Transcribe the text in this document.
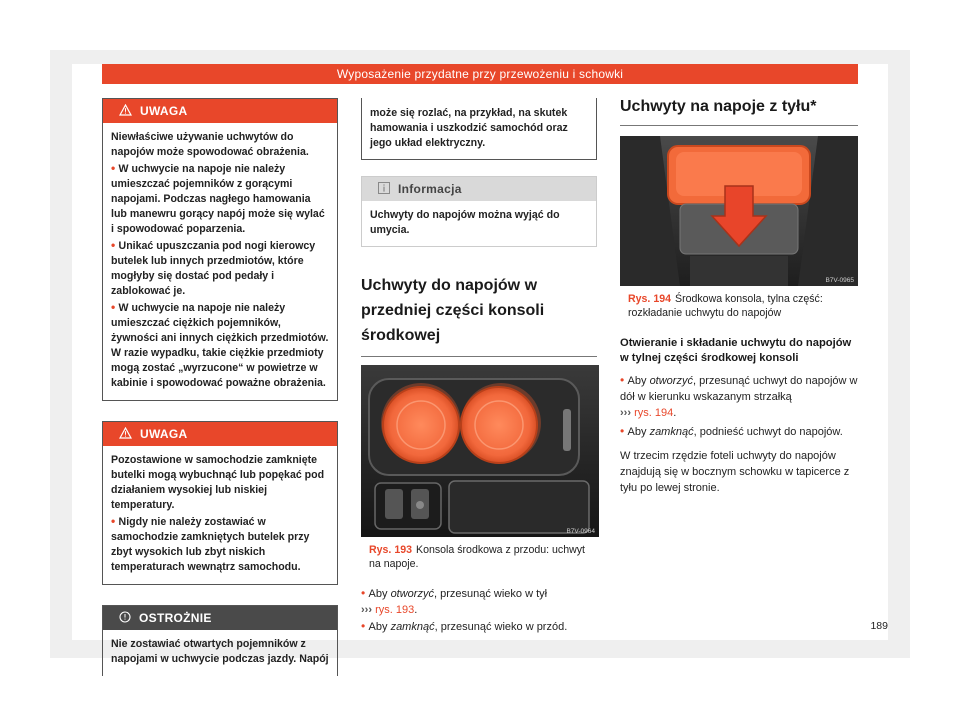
Wyposażenie przydatne przy przewożeniu i schowki
UWAGA

Niewłaściwe używanie uchwytów do napojów może spowodować obrażenia.

• W uchwycie na napoje nie należy umieszczać pojemników z gorącymi napojami. Podczas nagłego hamowania lub manewru gorący napój może się wylać i spowodować poparzenia.

• Unikać upuszczania pod nogi kierowcy butelek lub innych przedmiotów, które mogłyby się dostać pod pedały i zablokować je.

• W uchwycie na napoje nie należy umieszczać ciężkich pojemników, żywności ani innych ciężkich przedmiotów. W razie wypadku, takie ciężkie przedmioty mogą zostać „wyrzucone“ w powietrze w kabinie i spowodować poważne obrażenia.

UWAGA

Pozostawione w samochodzie zamknięte butelki mogą wybuchnąć lub popękać pod działaniem wysokiej lub niskiej temperatury.

• Nigdy nie należy zostawiać w samochodzie zamkniętych butelek przy zbyt wysokich lub zbyt niskich temperaturach wewnątrz samochodu.

OSTROŻNIE

Nie zostawiać otwartych pojemników z napojami w uchwycie podczas jazdy. Napój

może się rozlać, na przykład, na skutek hamowania i uszkodzić samochód oraz jego układ elektryczny.
Informacja
Uchwyty do napojów można wyjąć do umycia.
Uchwyty do napojów w przedniej części konsoli środkowej
B7V-0964
Rys. 193 Konsola środkowa z przodu: uchwyt na napoje.

• Aby otworzyć, przesunąć wieko w tył
››› rys. 193.

• Aby zamknąć, przesunąć wieko w przód.

Uchwyty na napoje z tyłu*
B7V-0965
Rys. 194 Środkowa konsola, tylna część: rozkładanie uchwytu do napojów
Otwieranie i składanie uchwytu do napojów w tylnej części środkowej konsoli

• Aby otworzyć, przesunąć uchwyt do napojów w dół w kierunku wskazanym strzałką
››› rys. 194.

• Aby zamknąć, podnieść uchwyt do napojów.

W trzecim rzędzie foteli uchwyty do napojów znajdują się w bocznym schowku w tapicerce z tyłu po lewej stronie.

189
